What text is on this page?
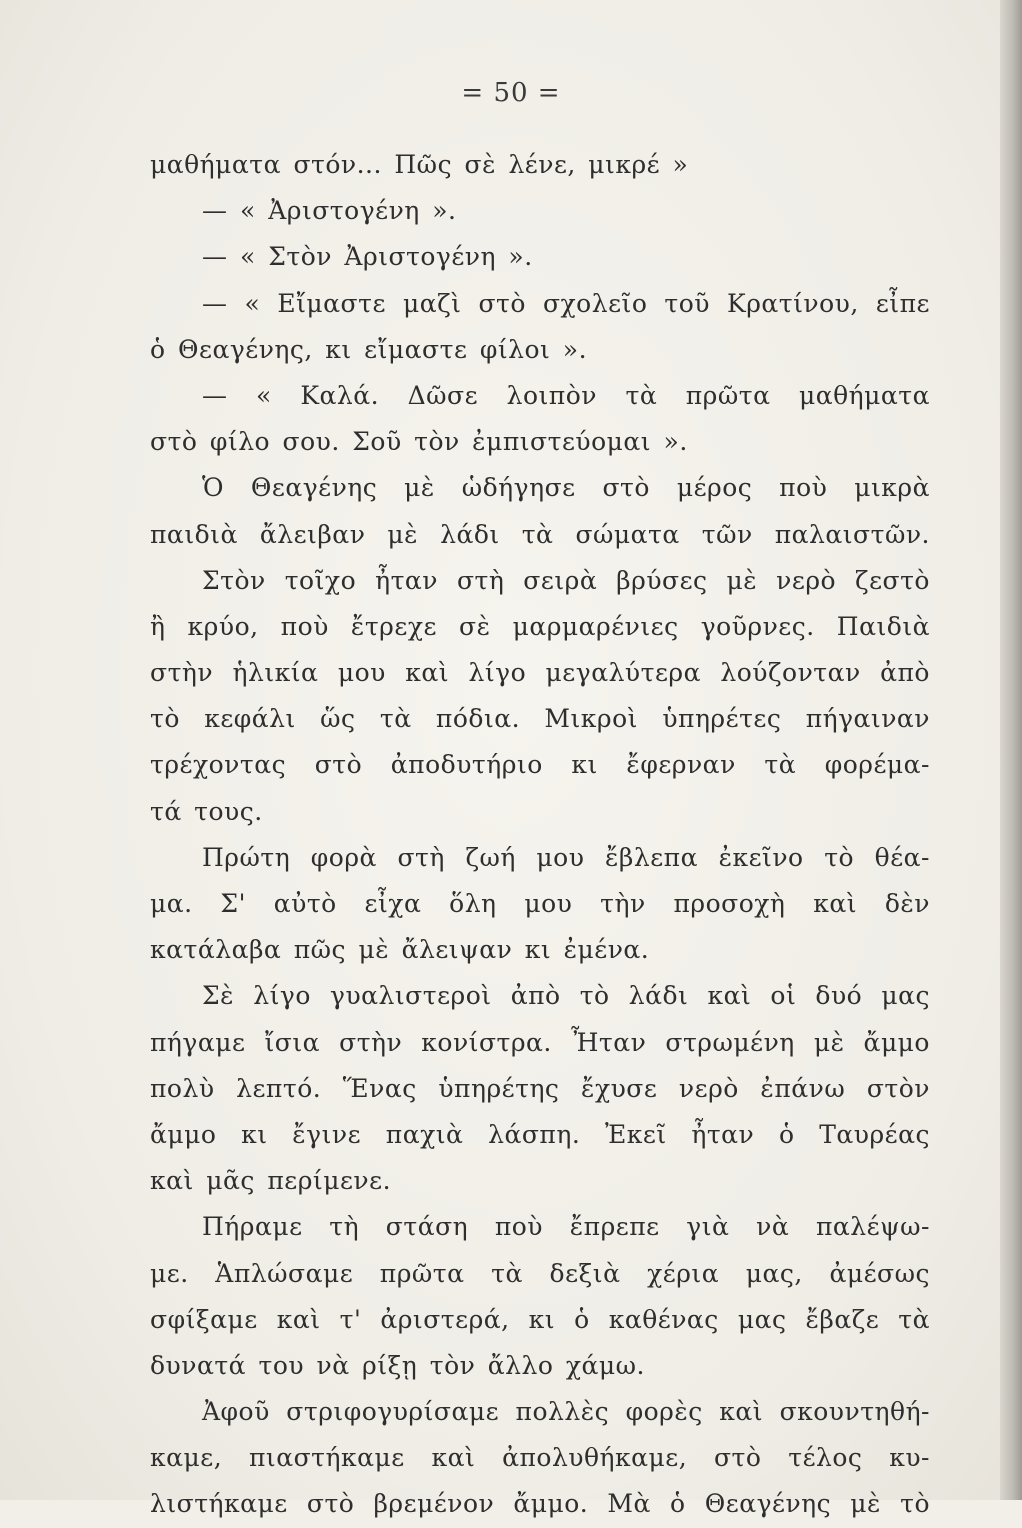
= 50 =
μαθήματα στόν... Πῶς σὲ λένε, μικρέ »
— « Ἀριστογένη ».
— « Στὸν Ἀριστογένη ».
— « Εἴμαστε μαζὶ στὸ σχολεῖο τοῦ Κρατίνου, εἶπε
ὁ Θεαγένης, κι εἴμαστε φίλοι ».
— « Καλά. Δῶσε λοιπὸν τὰ πρῶτα μαθήματα
στὸ φίλο σου. Σοῦ τὸν ἐμπιστεύομαι ».
Ὁ Θεαγένης μὲ ὡδήγησε στὸ μέρος ποὺ μικρὰ
παιδιὰ ἄλειβαν μὲ λάδι τὰ σώματα τῶν παλαιστῶν.
Στὸν τοῖχο ἦταν στὴ σειρὰ βρύσες μὲ νερὸ ζεστὸ
ἢ κρύο, ποὺ ἔτρεχε σὲ μαρμαρένιες γοῦρνες. Παιδιὰ
στὴν ἡλικία μου καὶ λίγο μεγαλύτερα λούζονταν ἀπὸ
τὸ κεφάλι ὥς τὰ πόδια. Μικροὶ ὑπηρέτες πήγαιναν
τρέχοντας στὸ ἀποδυτήριο κι ἔφερναν τὰ φορέμα-
τά τους.
Πρώτη φορὰ στὴ ζωή μου ἔβλεπα ἐκεῖνο τὸ θέα-
μα. Σ' αὐτὸ εἶχα ὅλη μου τὴν προσοχὴ καὶ δὲν
κατάλαβα πῶς μὲ ἄλειψαν κι ἐμένα.
Σὲ λίγο γυαλιστεροὶ ἀπὸ τὸ λάδι καὶ οἱ δυό μας
πήγαμε ἴσια στὴν κονίστρα. Ἦταν στρωμένη μὲ ἄμμο
πολὺ λεπτό. Ἕνας ὑπηρέτης ἔχυσε νερὸ ἐπάνω στὸν
ἄμμο κι ἔγινε παχιὰ λάσπη. Ἐκεῖ ἦταν ὁ Ταυρέας
καὶ μᾶς περίμενε.
Πήραμε τὴ στάση ποὺ ἔπρεπε γιὰ νὰ παλέψω-
με. Ἁπλώσαμε πρῶτα τὰ δεξιὰ χέρια μας, ἀμέσως
σφίξαμε καὶ τ' ἀριστερά, κι ὁ καθένας μας ἔβαζε τὰ
δυνατά του νὰ ρίξῃ τὸν ἄλλο χάμω.
Ἀφοῦ στριφογυρίσαμε πολλὲς φορὲς καὶ σκουντηθή-
καμε, πιαστήκαμε καὶ ἀπολυθήκαμε, στὸ τέλος κυ-
λιστήκαμε στὸ βρεμένον ἄμμο. Μὰ ὁ Θεαγένης μὲ τὸ
